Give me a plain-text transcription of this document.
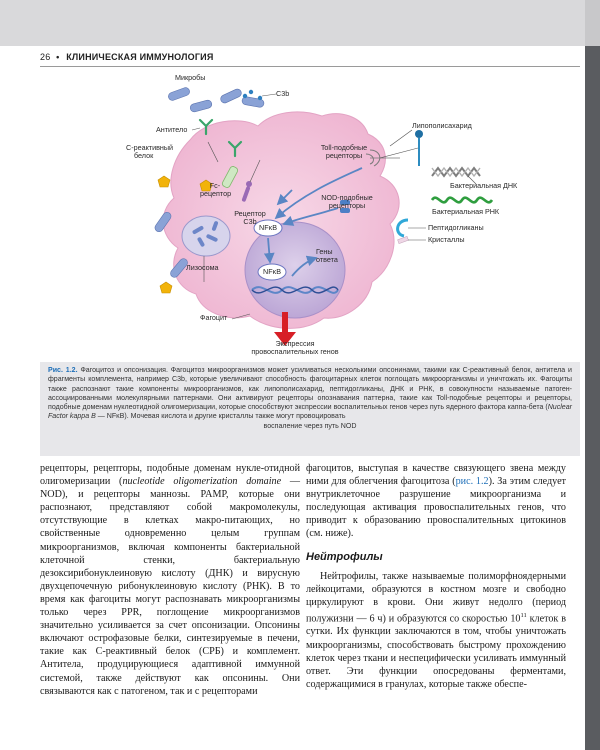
26 • КЛИНИЧЕСКАЯ ИММУНОЛОГИЯ
Микробы
C3b
Антитело
С-реактивный
белок
Fc-
рецептор
Рецептор
C3b
Лизосома
Фагоцит
Toll-подобные
рецепторы
NOD-подобные
рецепторы
NFκB
NFκB
Гены
ответа
Липополисахарид
Бактериальная ДНК
Бактериальная РНК
Пептидогликаны
Кристаллы
Экспрессия
провоспалительных генов

Рис. 1.2. Фагоцитоз и опсонизация. Фагоцитоз микроорганизмов может усиливаться несколькими опсонинами, такими как С-реактивный белок, антитела и фрагменты комплемента, например C3b, которые увеличивают способность фагоцитарных клеток поглощать микроорганизмы и уничтожать их. Фагоциты также распознают такие компоненты микроорганизмов, как липополисахарид, пептидогликаны, ДНК и РНК, в совокупности называемые патоген-ассоциированными молекулярными паттернами. Они активируют рецепторы опознавания паттерна, такие как Toll-подобные рецепторы и рецепторы, подобные доменам нуклеотидной олигомеризации, которые способствуют экспрессии воспалительных генов через путь ядерного фактора каппа-бета (Nuclear Factor kappa B — NFκB). Мочевая кислота и другие кристаллы также могут провоцировать
воспаление через путь NOD

рецепторы, рецепторы, подобные доменам нукле-отидной олигомеризации (nucleotide oligomerization domaine — NOD), и рецепторы маннозы. PAMP, которые они распознают, представляют собой макромолекулы, отсутствующие в клетках макро-питающих, но свойственные одновременно целым группам микроорганизмов, включая компоненты бактериальной клеточной стенки, бактериальную дезоксирибонуклеиновую кислоту (ДНК) и вирусную двухцепочечную рибонуклеиновую кислоту (РНК). В то время как фагоциты могут распознавать микроорганизмы только через PPR, поглощение микроорганизмов значительно усиливается за счет опсонизации. Опсонины включают острофазовые белки, синтезируемые в печени, такие как С-реактивный белок (СРБ) и комплемент. Антитела, продуцирующиеся адаптивной иммунной системой, также действуют как опсонины. Они связываются как с патогеном, так и с рецепторами

фагоцитов, выступая в качестве связующего звена между ними для облегчения фагоцитоза (рис. 1.2). За этим следует внутриклеточное разрушение микроорганизма и последующая активация провоспалительных генов, что приводит к образованию провоспалительных цитокинов (см. ниже).

Нейтрофилы

Нейтрофилы, также называемые полиморфноядерными лейкоцитами, образуются в костном мозге и свободно циркулируют в крови. Они живут недолго (период полужизни — 6 ч) и образуются со скоростью $10^{11}$ клеток в сутки. Их функции заключаются в том, чтобы уничтожать микроорганизмы, способствовать быстрому прохождению клеток через ткани и неспецифически усиливать иммунный ответ. Эти функции опосредованы ферментами, содержащимися в гранулах, которые также обеспе-
